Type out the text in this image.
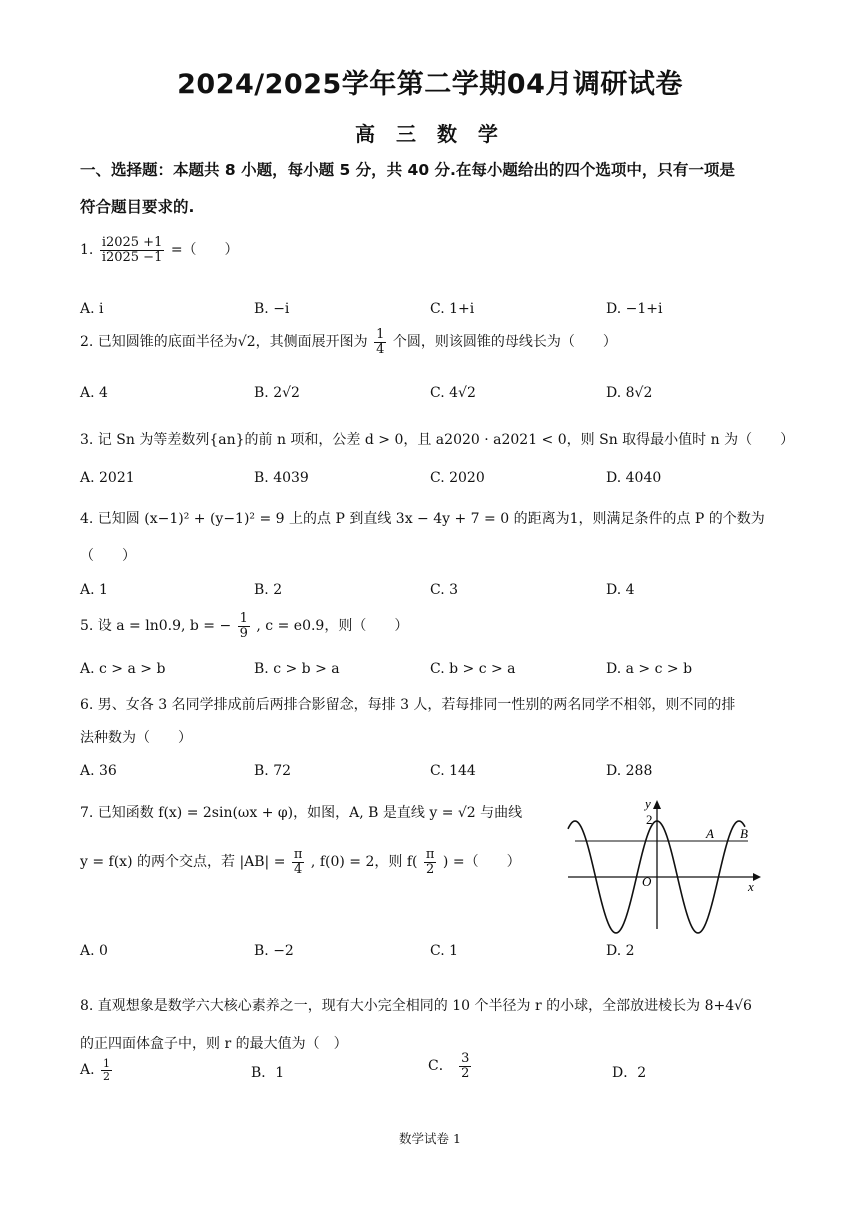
2024/2025学年第二学期04月调研试卷
高 三 数 学
一、选择题：本题共 8 小题，每小题 5 分，共 40 分.在每小题给出的四个选项中，只有一项是
符合题目要求的.
1. $\frac{i2025 +1}{i2025 -1}$ =（　　）
A. i	B. −i	C. 1+i	D. −1+i
2. 已知圆锥的底面半径为√2，其侧面展开图为 $\frac{1}{4}$ 个圆，则该圆锥的母线长为（　　）
A. 4	B. 2√2	C. 4√2	D. 8√2
3. 记 Sn 为等差数列{an}的前 n 项和，公差 d > 0，且 a2020 · a2021 < 0，则 Sn 取得最小值时 n 为（　　）
A. 2021	B. 4039	C. 2020	D. 4040
4. 已知圆 (x−1)² + (y−1)² = 9 上的点 P 到直线 3x − 4y + 7 = 0 的距离为1，则满足条件的点 P 的个数为
（　　）
A. 1	B. 2	C. 3	D. 4
5. 设 a = ln0.9, b = − $\frac{1}{9}$ , c = e0.9，则（　　）
A. c > a > b	B. c > b > a	C. b > c > a	D. a > c > b
6. 男、女各 3 名同学排成前后两排合影留念，每排 3 人，若每排同一性别的两名同学不相邻，则不同的排
法种数为（　　）
A. 36	B. 72	C. 144	D. 288
7. 已知函数 f(x) = 2sin(ωx + φ)，如图，A, B 是直线 y = √2 与曲线
y = f(x) 的两个交点，若 $|AB| = \frac{\pi}{4}$ , f(0) = 2，则 $f( \frac{\pi}{2}$ ) =（　　）
y
x
O
2
A B
A. 0	B. −2	C. 1	D. 2
8. 直观想象是数学六大核心素养之一，现有大小完全相同的 10 个半径为 r 的小球，全部放进棱长为 8+4√6
的正四面体盒子中，则 r 的最大值为（　）
A. $\frac{1}{2}$	B．1	C． $\frac{3}{2}$	D．2
数学试卷 1
